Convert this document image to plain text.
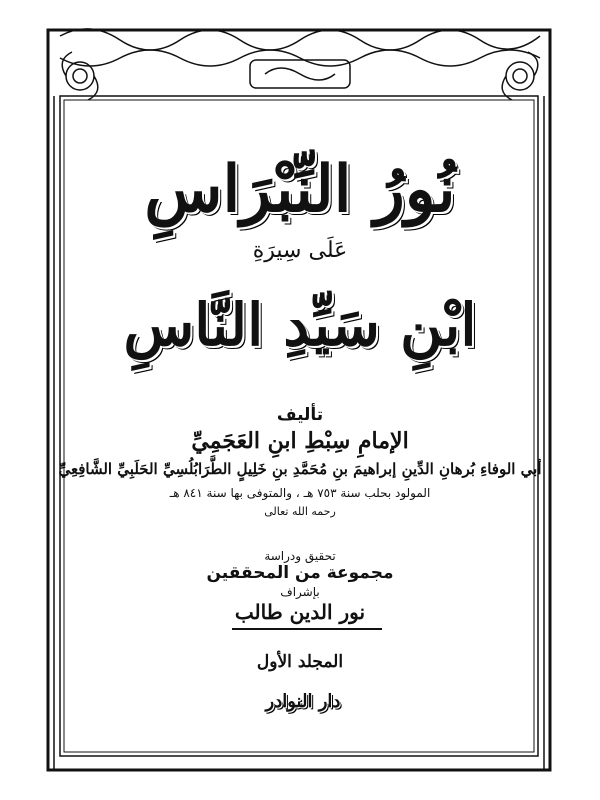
نُورُ النِّبْرَاسِ
عَلَى سِيرَةِ
ابْنِ سَيِّدِ النَّاسِ
تأليف
الإمامِ سِبْطِ ابنِ العَجَمِيِّ
أبي الوفاءِ بُرهانِ الدِّينِ إبراهيمَ بنِ مُحَمَّدِ بنِ خَلِيلٍ الطَّرَابُلُسِيِّ الحَلَبِيِّ الشَّافِعِيِّ
المولود بحلب سنة ٧٥٣ هـ ، والمتوفى بها سنة ٨٤١ هـ
رحمه الله تعالى
تحقيق ودراسة
مجموعة من المحققين
بإشراف
نور الدين طالب
المجلد الأول
دار النوادر
